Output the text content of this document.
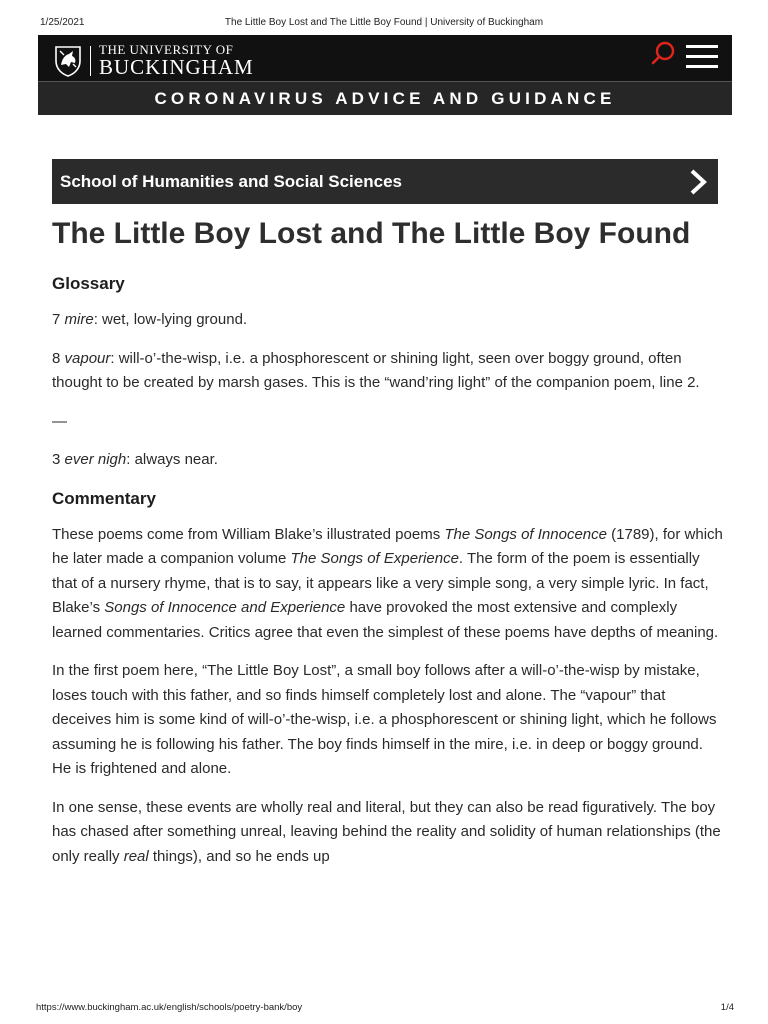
1/25/2021	The Little Boy Lost and The Little Boy Found | University of Buckingham
THE UNIVERSITY OF
BUCKINGHAM
CORONAVIRUS ADVICE AND GUIDANCE
School of Humanities and Social Sciences
The Little Boy Lost and The Little Boy Found
Glossary

7 mire: wet, low-lying ground.

8 vapour: will-o’-the-wisp, i.e. a phosphorescent or shining light, seen over boggy ground, often thought to be created by marsh gases. This is the “wand’ring light” of the companion poem, line 2.

—

3 ever nigh: always near.

Commentary

These poems come from William Blake’s illustrated poems The Songs of Innocence (1789), for which he later made a companion volume The Songs of Experience. The form of the poem is essentially that of a nursery rhyme, that is to say, it appears like a very simple song, a very simple lyric. In fact, Blake’s Songs of Innocence and Experience have provoked the most extensive and complexly learned commentaries. Critics agree that even the simplest of these poems have depths of meaning.

In the first poem here, “The Little Boy Lost”, a small boy follows after a will-o’-the-wisp by mistake, loses touch with this father, and so finds himself completely lost and alone. The “vapour” that deceives him is some kind of will-o’-the-wisp, i.e. a phosphorescent or shining light, which he follows assuming he is following his father. The boy finds himself in the mire, i.e. in deep or boggy ground. He is frightened and alone.

In one sense, these events are wholly real and literal, but they can also be read figuratively. The boy has chased after something unreal, leaving behind the reality and solidity of human relationships (the only really real things), and so he ends up

https://www.buckingham.ac.uk/english/schools/poetry-bank/boy	1/4
